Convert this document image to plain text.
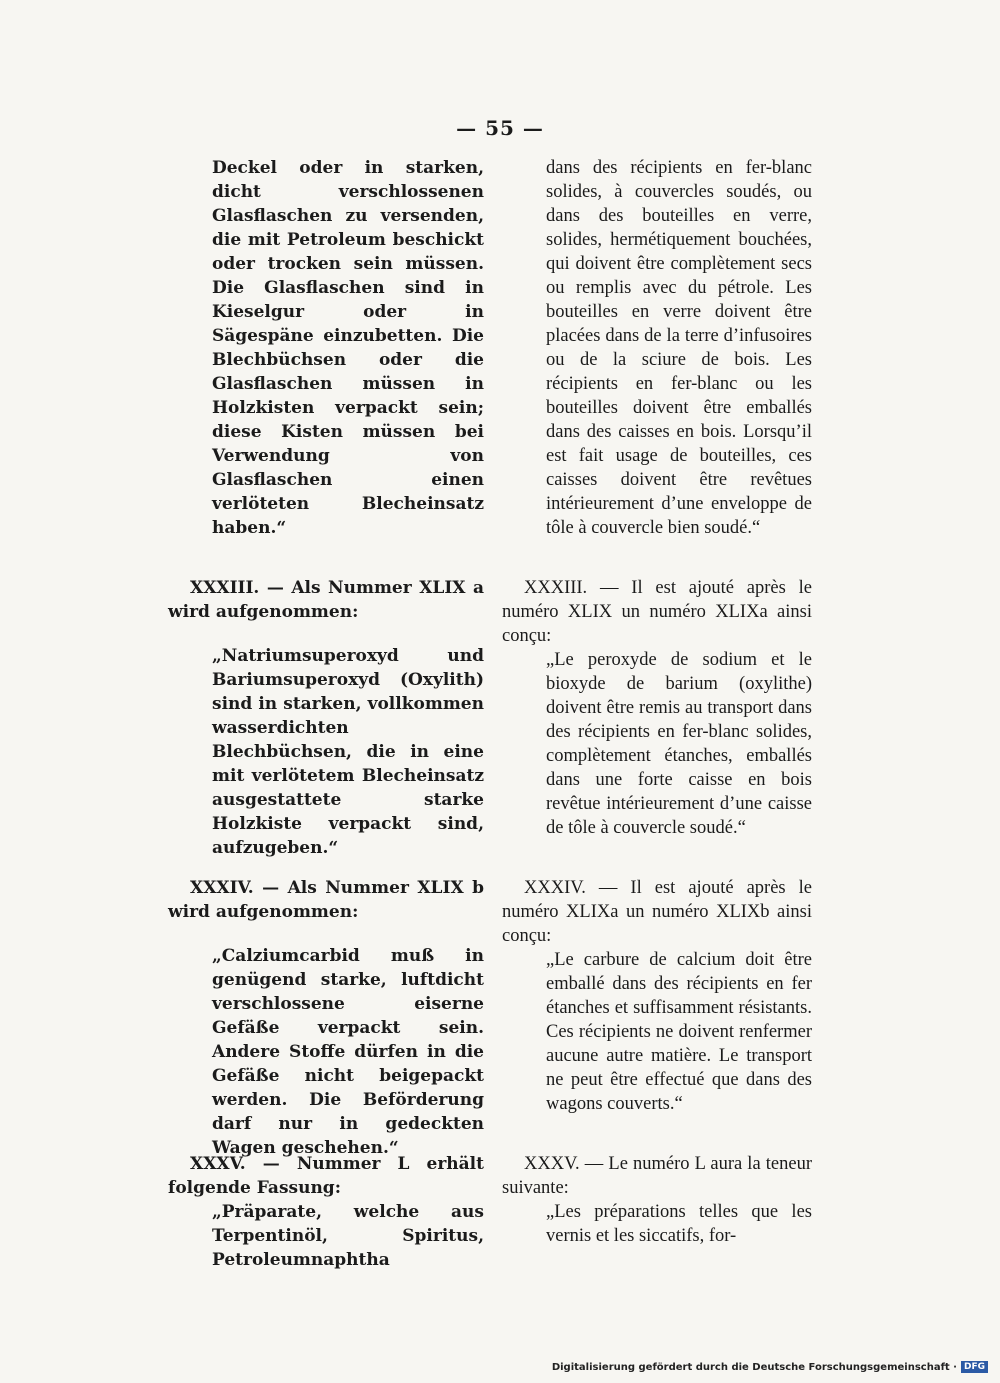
— 55 —

Deckel oder in starken, dicht verschlossenen Glasflaschen zu versenden, die mit Petroleum beschickt oder trocken sein müssen. Die Glasflaschen sind in Kieselgur oder in Sägespäne einzubetten. Die Blechbüchsen oder die Glasflaschen müssen in Holzkisten verpackt sein; diese Kisten müssen bei Verwendung von Glasflaschen einen verlöteten Blecheinsatz haben.“

XXXIII. — Als Nummer XLIX a wird aufgenommen:

„Natriumsuperoxyd und Bariumsuperoxyd (Oxylith) sind in starken, vollkommen wasserdichten Blechbüchsen, die in eine mit verlötetem Blecheinsatz ausgestattete starke Holzkiste verpackt sind, aufzugeben.“

XXXIV. — Als Nummer XLIX b wird aufgenommen:

„Calziumcarbid muß in genügend starke, luftdicht verschlossene eiserne Gefäße verpackt sein. Andere Stoffe dürfen in die Gefäße nicht beigepackt werden. Die Beförderung darf nur in gedeckten Wagen geschehen.“

XXXV. — Nummer L erhält folgende Fassung:

„Präparate, welche aus Terpentinöl, Spiritus, Petroleumnaphtha

dans des récipients en fer-blanc solides, à couvercles soudés, ou dans des bouteilles en verre, solides, hermétiquement bouchées, qui doivent être complètement secs ou remplis avec du pétrole. Les bouteilles en verre doivent être placées dans de la terre d’infusoires ou de la sciure de bois. Les récipients en fer-blanc ou les bouteilles doivent être emballés dans des caisses en bois. Lorsqu’il est fait usage de bouteilles, ces caisses doivent être revêtues intérieurement d’une enveloppe de tôle à couvercle bien soudé.“

XXXIII. — Il est ajouté après le numéro XLIX un numéro XLIXa ainsi conçu:

„Le peroxyde de sodium et le bioxyde de barium (oxylithe) doivent être remis au transport dans des récipients en fer-blanc solides, complètement étanches, emballés dans une forte caisse en bois revêtue intérieurement d’une caisse de tôle à couvercle soudé.“

XXXIV. — Il est ajouté après le numéro XLIXa un numéro XLIXb ainsi conçu:

„Le carbure de calcium doit être emballé dans des récipients en fer étanches et suffisamment résistants. Ces récipients ne doivent renfermer aucune autre matière. Le transport ne peut être effectué que dans des wagons couverts.“

XXXV. — Le numéro L aura la teneur suivante:

„Les préparations telles que les vernis et les siccatifs, for-

Digitalisierung gefördert durch die Deutsche Forschungsgemeinschaft · DFG
